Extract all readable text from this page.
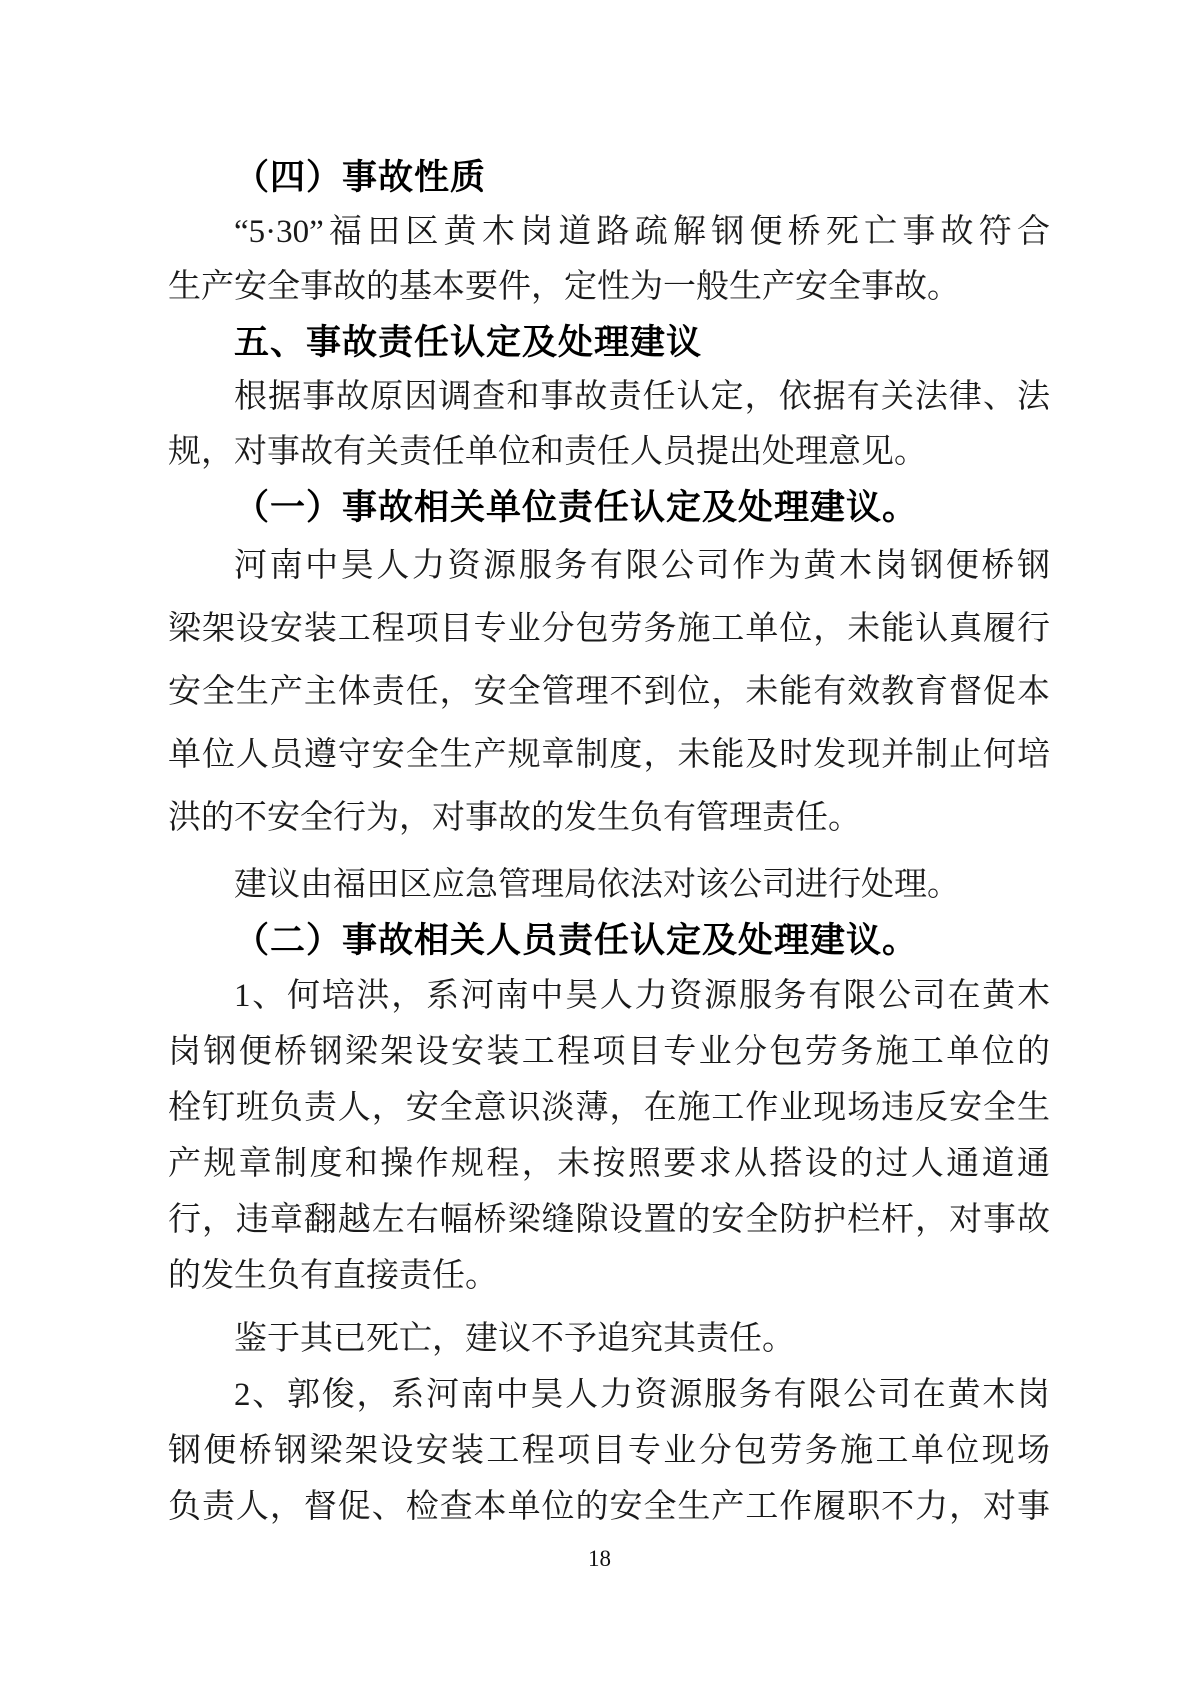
（四）事故性质
“5·30”福田区黄木岗道路疏解钢便桥死亡事故符合
生产安全事故的基本要件，定性为一般生产安全事故。
五、事故责任认定及处理建议
根据事故原因调查和事故责任认定，依据有关法律、法
规，对事故有关责任单位和责任人员提出处理意见。
（一）事故相关单位责任认定及处理建议。
河南中昊人力资源服务有限公司作为黄木岗钢便桥钢
梁架设安装工程项目专业分包劳务施工单位，未能认真履行
安全生产主体责任，安全管理不到位，未能有效教育督促本
单位人员遵守安全生产规章制度，未能及时发现并制止何培
洪的不安全行为，对事故的发生负有管理责任。
建议由福田区应急管理局依法对该公司进行处理。
（二）事故相关人员责任认定及处理建议。
1、何培洪，系河南中昊人力资源服务有限公司在黄木
岗钢便桥钢梁架设安装工程项目专业分包劳务施工单位的
栓钉班负责人，安全意识淡薄，在施工作业现场违反安全生
产规章制度和操作规程，未按照要求从搭设的过人通道通
行，违章翻越左右幅桥梁缝隙设置的安全防护栏杆，对事故
的发生负有直接责任。
鉴于其已死亡，建议不予追究其责任。
2、郭俊，系河南中昊人力资源服务有限公司在黄木岗
钢便桥钢梁架设安装工程项目专业分包劳务施工单位现场
负责人，督促、检查本单位的安全生产工作履职不力，对事
18
